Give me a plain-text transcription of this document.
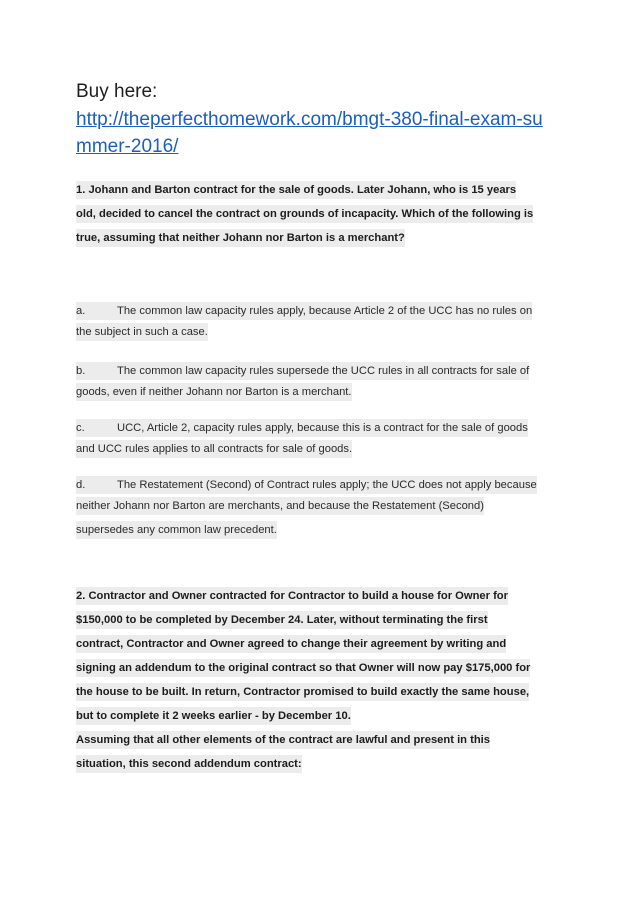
Buy here:
http://theperfecthomework.com/bmgt-380-final-exam-su
mmer-2016/
1. Johann and Barton contract for the sale of goods. Later Johann, who is 15 years
old, decided to cancel the contract on grounds of incapacity. Which of the following is
true, assuming that neither Johann nor Barton is a merchant?
a.	The common law capacity rules apply, because Article 2 of the UCC has no rules on
the subject in such a case.
b.	The common law capacity rules supersede the UCC rules in all contracts for sale of
goods, even if neither Johann nor Barton is a merchant.
c.	UCC, Article 2, capacity rules apply, because this is a contract for the sale of goods
and UCC rules applies to all contracts for sale of goods.
d.	The Restatement (Second) of Contract rules apply; the UCC does not apply because
neither Johann nor Barton are merchants, and because the Restatement (Second)
supersedes any common law precedent.
2. Contractor and Owner contracted for Contractor to build a house for Owner for
$150,000 to be completed by December 24. Later, without terminating the first
contract, Contractor and Owner agreed to change their agreement by writing and
signing an addendum to the original contract so that Owner will now pay $175,000 for
the house to be built. In return, Contractor promised to build exactly the same house,
but to complete it 2 weeks earlier - by December 10.
Assuming that all other elements of the contract are lawful and present in this
situation, this second addendum contract:
